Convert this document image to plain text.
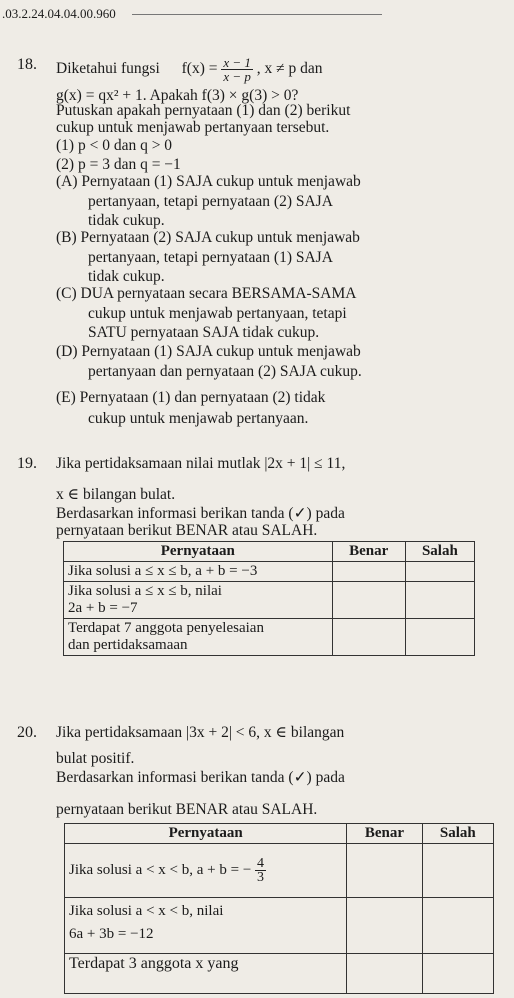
.03.2.24.04.04.00.960
18. Diketahui fungsi $f(x) = \frac{x - 1}{x - p}$ , x ≠ p dan
g(x) = qx² + 1. Apakah f(3) × g(3) > 0?
Putuskan apakah pernyataan (1) dan (2) berikut
cukup untuk menjawab pertanyaan tersebut.
(1) p < 0 dan q > 0
(2) p = 3 dan q = −1
(A) Pernyataan (1) SAJA cukup untuk menjawab
pertanyaan, tetapi pernyataan (2) SAJA
tidak cukup.
(B) Pernyataan (2) SAJA cukup untuk menjawab
pertanyaan, tetapi pernyataan (1) SAJA
tidak cukup.
(C) DUA pernyataan secara BERSAMA-SAMA
cukup untuk menjawab pertanyaan, tetapi
SATU pernyataan SAJA tidak cukup.
(D) Pernyataan (1) SAJA cukup untuk menjawab
pertanyaan dan pernyataan (2) SAJA cukup.
(E) Pernyataan (1) dan pernyataan (2) tidak
cukup untuk menjawab pertanyaan.
19. Jika pertidaksamaan nilai mutlak |2x + 1| ≤ 11,
x ∈ bilangan bulat.
Berdasarkan informasi berikan tanda (✓) pada
pernyataan berikut BENAR atau SALAH.
Pernyataan	Benar	Salah
Jika solusi a ≤ x ≤ b, a + b = −3		

Jika solusi a ≤ x ≤ b, nilai
2a + b = −7		

Terdapat 7 anggota penyelesaian
dan pertidaksamaan		

20. Jika pertidaksamaan |3x + 2| < 6, x ∈ bilangan
bulat positif.
Berdasarkan informasi berikan tanda (✓) pada
pernyataan berikut BENAR atau SALAH.
Pernyataan	Benar	Salah
Jika solusi a < x < b, a + b = − $\frac{4}{3}$

Jika solusi a < x < b, nilai
6a + 3b = −12		

Terdapat 3 anggota x yang		
